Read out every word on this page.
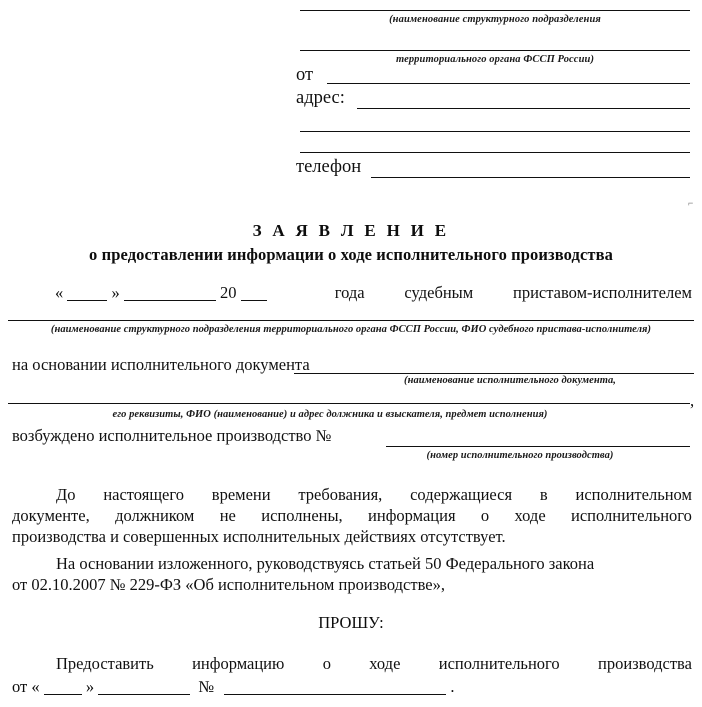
(наименование структурного подразделения
территориального органа ФССП России)
от
адрес:
телефон
⌐
З А Я В Л Е Н И Е
о предоставлении информации о ходе исполнительного производства
«	»	20	года судебным приставом-исполнителем
(наименование структурного подразделения территориального органа ФССП России, ФИО судебного пристава-исполнителя)
на основании исполнительного документа
(наименование исполнительного документа,
,
его реквизиты, ФИО (наименование) и адрес должника и взыскателя, предмет исполнения)
возбуждено исполнительное производство №
(номер исполнительного производства)
До настоящего времени требования, содержащиеся в исполнительном
документе, должником не исполнены, информация о ходе исполнительного
производства и совершенных исполнительных действиях отсутствует.
На основании изложенного, руководствуясь статьей 50 Федерального закона
от 02.10.2007 № 229-ФЗ «Об исполнительном производстве»,
ПРОШУ:
Предоставить информацию о ходе исполнительного производства
от «	»	№	.
